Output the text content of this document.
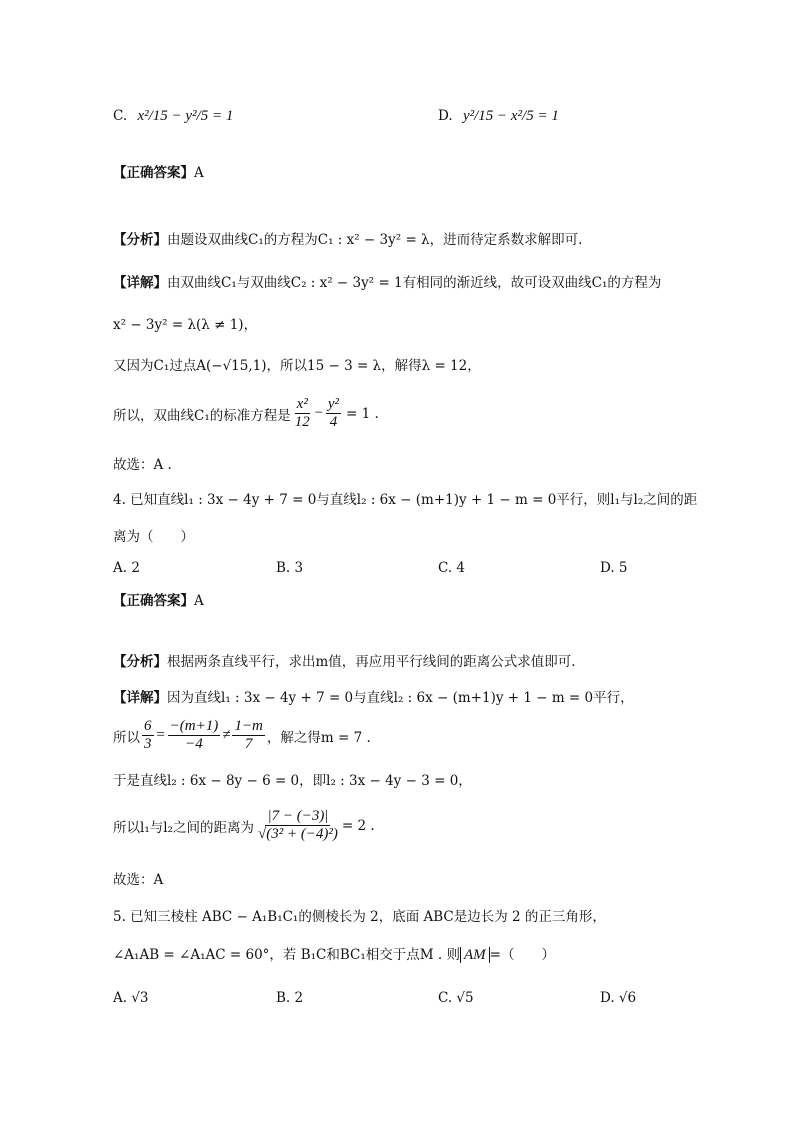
C. x²/15 − y²/5 = 1	D. y²/15 − x²/5 = 1
【正确答案】A
【分析】由题设双曲线C₁的方程为C₁ : x² − 3y² = λ，进而待定系数求解即可.
【详解】由双曲线C₁与双曲线C₂ : x² − 3y² = 1有相同的渐近线，故可设双曲线C₁的方程为
x² − 3y² = λ(λ ≠ 1)，
又因为C₁过点A(−√15,1)，所以15 − 3 = λ，解得λ = 12，
所以，双曲线C₁的标准方程是 $\frac{\text{x²}}{12} - \frac{\text{y²}}{4} = 1$ .
故选：A .
4. 已知直线l₁ : 3x − 4y + 7 = 0与直线l₂ : 6x − (m+1)y + 1 − m = 0平行，则l₁与l₂之间的距
离为（　　）
A. 2	B. 3	C. 4	D. 5
【正确答案】A
【分析】根据两条直线平行，求出m值，再应用平行线间的距离公式求值即可.
【详解】因为直线l₁ : 3x − 4y + 7 = 0与直线l₂ : 6x − (m+1)y + 1 − m = 0平行，
所以 $\frac{6}{3} = \frac{-(m+1)}{-4} \ne \frac{1-m}{7}$ ，解之得m = 7 .
于是直线l₂ : 6x − 8y − 6 = 0，即l₂ : 3x − 4y − 3 = 0，
所以l₁与l₂之间的距离为 $\frac{|7 - (-3)|}{\text{√(3² + (−4)²)}} = 2$ .
故选：A
5. 已知三棱柱 ABC − A₁B₁C₁的侧棱长为 2，底面 ABC是边长为 2 的正三角形，
∠A₁AB = ∠A₁AC = 60°，若 B₁C和BC₁相交于点M . 则 AM =（　　）
A. √3	B. 2	C. √5	D. √6
